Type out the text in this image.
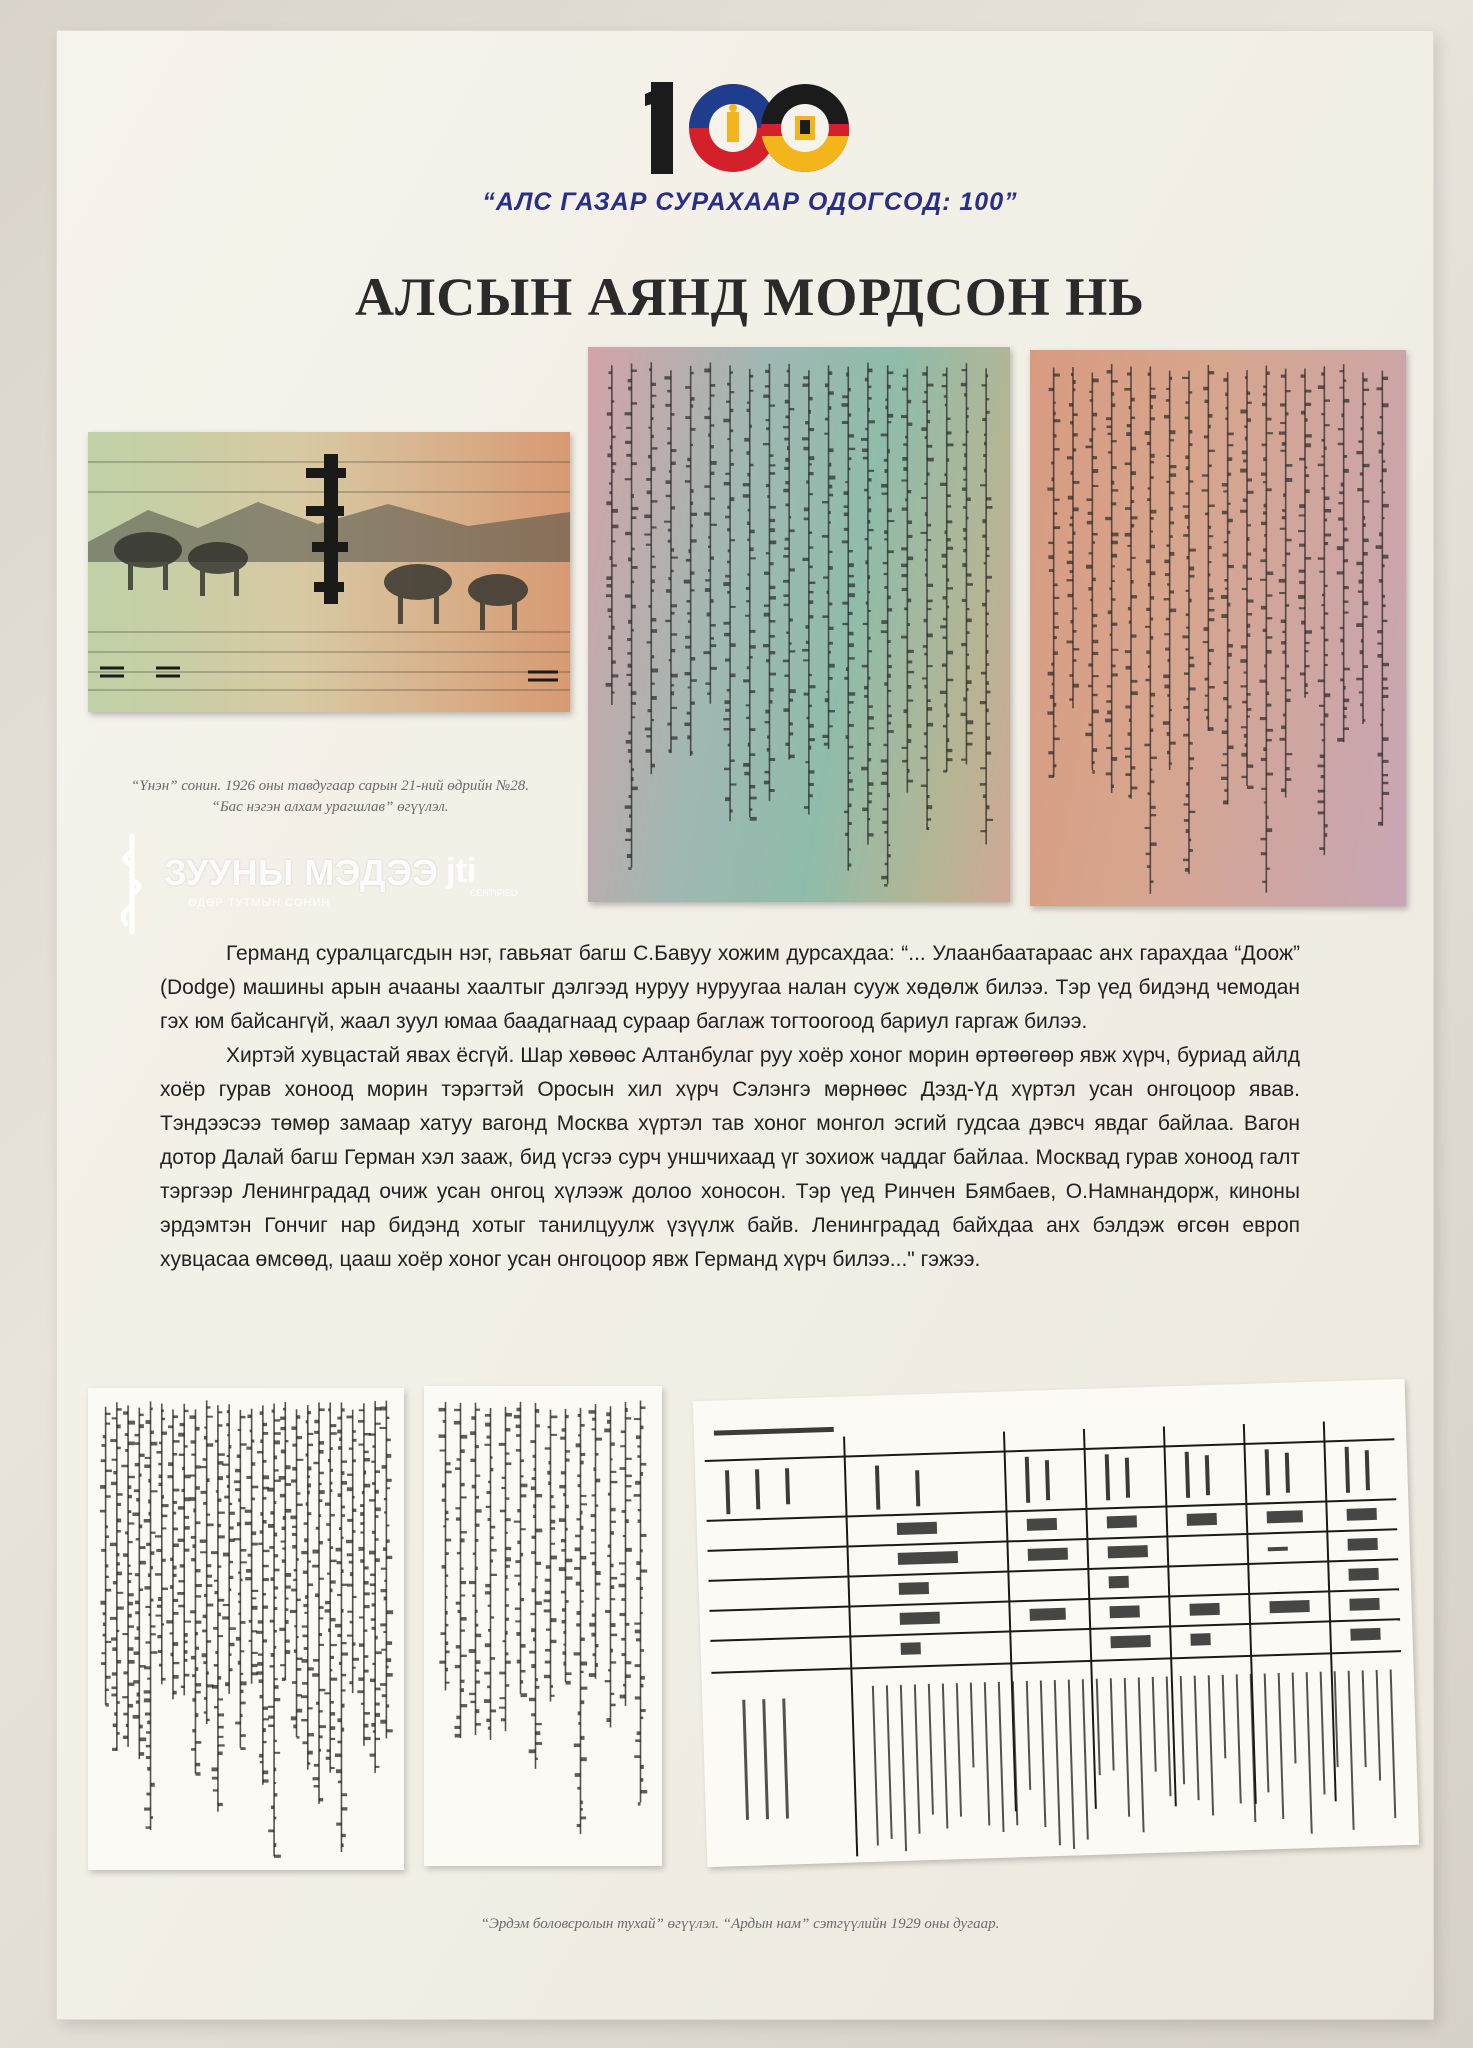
“АЛС ГАЗАР СУРАХААР ОДОГСОД: 100”
АЛСЫН АЯНД МОРДСОН НЬ
“Үнэн” сонин. 1926 оны тавдугаар сарын 21-ний өдрийн №28. “Бас нэгэн алхам урагшлав” өгүүлэл.
ЗУУНЫ МЭДЭЭ
ӨДӨР ТУТМЫН СОНИН
jti
CERTIFIED

Германд суралцагсдын нэг, гавьяат багш С.Бавуу хожим дурсахдаа: “... Улаанбаатараас анх гарахдаа “Доож” (Dodge) машины арын ачааны хаалтыг дэлгээд нуруу нуруугаа налан сууж хөдөлж билээ. Тэр үед бидэнд чемодан гэх юм байсангүй, жаал зуул юмаа баадагнаад сураар баглаж тогтоогоод бариул гаргаж билээ.

Хиртэй хувцастай явах ёсгүй. Шар хөвөөс Алтанбулаг руу хоёр хоног морин өртөөгөөр явж хүрч, буриад айлд хоёр гурав хоноод морин тэрэгтэй Оросын хил хүрч Сэлэнгэ мөрнөөс Дэзд-Үд хүртэл усан онгоцоор явав. Тэндээсээ төмөр замаар хатуу вагонд Москва хүртэл тав хоног монгол эсгий гудсаа дэвсч явдаг байлаа. Вагон дотор Далай багш Герман хэл зааж, бид үсгээ сурч уншчихаад үг зохиож чаддаг байлаа. Москвад гурав хоноод галт тэргээр Ленинградад очиж усан онгоц хүлээж долоо хоносон. Тэр үед Ринчен Бямбаев, О.Намнандорж, киноны эрдэмтэн Гончиг нар бидэнд хотыг танилцуулж үзүүлж байв. Ленинградад байхдаа анх бэлдэж өгсөн европ хувцасаа өмсөөд, цааш хоёр хоног усан онгоцоор явж Германд хүрч билээ..." гэжээ.

“Эрдэм боловсролын тухай” өгүүлэл. “Ардын нам” сэтгүүлийн 1929 оны дугаар.
